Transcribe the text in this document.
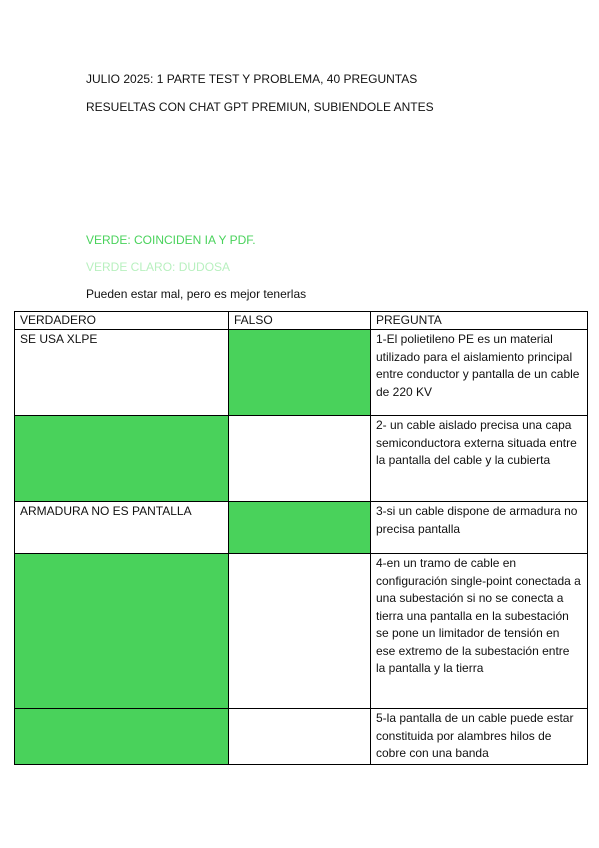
JULIO 2025: 1 PARTE TEST Y PROBLEMA, 40 PREGUNTAS
RESUELTAS CON CHAT GPT PREMIUN, SUBIENDOLE ANTES
VERDE: COINCIDEN IA Y PDF.
VERDE CLARO: DUDOSA
Pueden estar mal, pero es mejor tenerlas
VERDADERO	FALSO	PREGUNTA
SE USA XLPE		1-El polietileno PE es un material utilizado para el aislamiento principal entre conductor y pantalla de un cable de 220 KV
		2- un cable aislado precisa una capa semiconductora externa situada entre la pantalla del cable y la cubierta
ARMADURA NO ES PANTALLA		3-si un cable dispone de armadura no precisa pantalla
		4-en un tramo de cable en configuración single-point conectada a una subestación si no se conecta a tierra una pantalla en la subestación se pone un limitador de tensión en ese extremo de la subestación entre la pantalla y la tierra
		5-la pantalla de un cable puede estar constituida por alambres hilos de cobre con una banda
